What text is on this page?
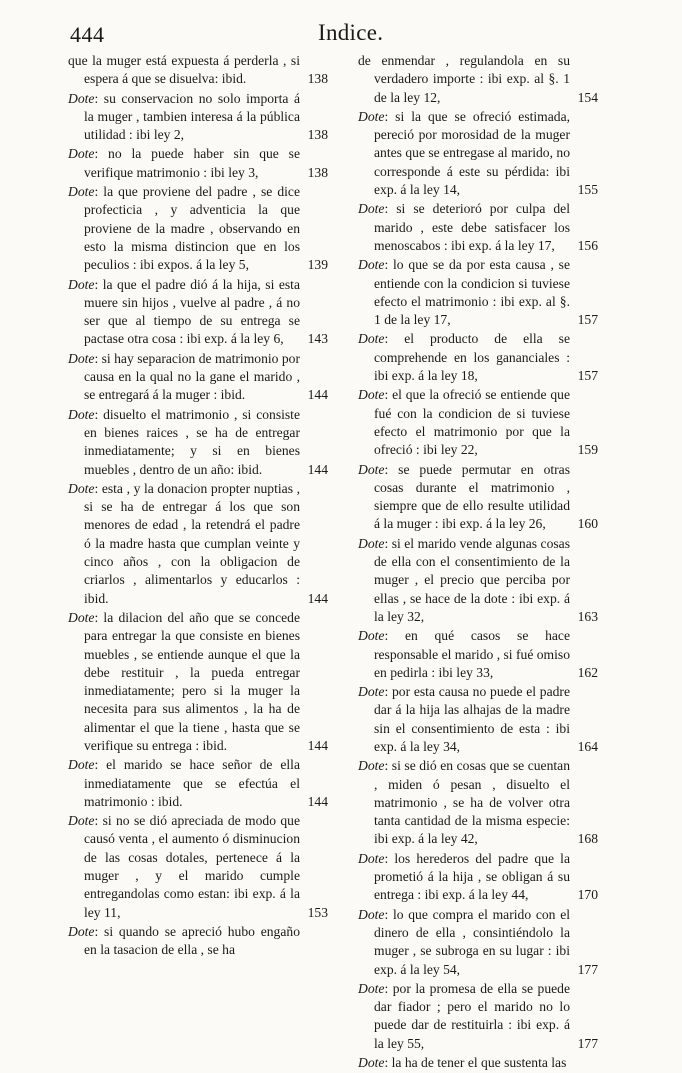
444	Indice.
que la muger está expuesta á perderla , si espera á que se disuelva: ibid.	138
Dote: su conservacion no solo importa á la muger , tambien interesa á la pública utilidad : ibi ley 2,	138
Dote: no la puede haber sin que se verifique matrimonio : ibi ley 3,	138
Dote: la que proviene del padre , se dice profecticia , y adventicia la que proviene de la madre , observando en esto la misma distincion que en los peculios : ibi expos. á la ley 5,	139
Dote: la que el padre dió á la hija, si esta muere sin hijos , vuelve al padre , á no ser que al tiempo de su entrega se pactase otra cosa : ibi exp. á la ley 6, 143
Dote: si hay separacion de matrimonio por causa en la qual no la gane el marido , se entregará á la muger : ibid.	144
Dote: disuelto el matrimonio , si consiste en bienes raices , se ha de entregar inmediatamente; y si en bienes muebles , dentro de un año: ibid.	144
Dote: esta , y la donacion propter nuptias , si se ha de entregar á los que son menores de edad , la retendrá el padre ó la madre hasta que cumplan veinte y cinco años , con la obligacion de criarlos , alimentarlos y educarlos : ibid.	144
Dote: la dilacion del año que se concede para entregar la que consiste en bienes muebles , se entiende aunque el que la debe restituir , la pueda entregar inmediatamente; pero si la muger la necesita para sus alimentos , la ha de alimentar el que la tiene , hasta que se verifique su entrega : ibid.	144
Dote: el marido se hace señor de ella inmediatamente que se efectúa el matrimonio : ibid.	144
Dote: si no se dió apreciada de modo que causó venta , el aumento ó disminucion de las cosas dotales, pertenece á la muger , y el marido cumple entregandolas como estan: ibi exp. á la ley 11,	153
Dote: si quando se apreció hubo engaño en la tasacion de ella , se ha
de enmendar , regulandola en su verdadero importe : ibi exp. al §. 1 de la ley 12,	154
Dote: si la que se ofreció estimada, pereció por morosidad de la muger antes que se entregase al marido, no corresponde á este su pérdida: ibi exp. á la ley 14,	155
Dote: si se deterioró por culpa del marido , este debe satisfacer los menoscabos : ibi exp. á la ley 17, 156
Dote: lo que se da por esta causa , se entiende con la condicion si tuviese efecto el matrimonio : ibi exp. al §. 1 de la ley 17,	157
Dote: el producto de ella se comprehende en los gananciales : ibi exp. á la ley 18,	157
Dote: el que la ofreció se entiende que fué con la condicion de si tuviese efecto el matrimonio por que la ofreció : ibi ley 22,	159
Dote: se puede permutar en otras cosas durante el matrimonio , siempre que de ello resulte utilidad á la muger : ibi exp. á la ley 26, 160
Dote: si el marido vende algunas cosas de ella con el consentimiento de la muger , el precio que perciba por ellas , se hace de la dote : ibi exp. á la ley 32,	163
Dote: en qué casos se hace responsable el marido , si fué omiso en pedirla : ibi ley 33,	162
Dote: por esta causa no puede el padre dar á la hija las alhajas de la madre sin el consentimiento de esta : ibi exp. á la ley 34,	164
Dote: si se dió en cosas que se cuentan , miden ó pesan , disuelto el matrimonio , se ha de volver otra tanta cantidad de la misma especie: ibi exp. á la ley 42,	168
Dote: los herederos del padre que la prometió á la hija , se obligan á su entrega : ibi exp. á la ley 44,	170
Dote: lo que compra el marido con el dinero de ella , consintiéndolo la muger , se subroga en su lugar : ibi exp. á la ley 54,	177
Dote: por la promesa de ella se puede dar fiador ; pero el marido no lo puede dar de restituirla : ibi exp. á la ley 55,	177
Dote: la ha de tener el que sustenta las
